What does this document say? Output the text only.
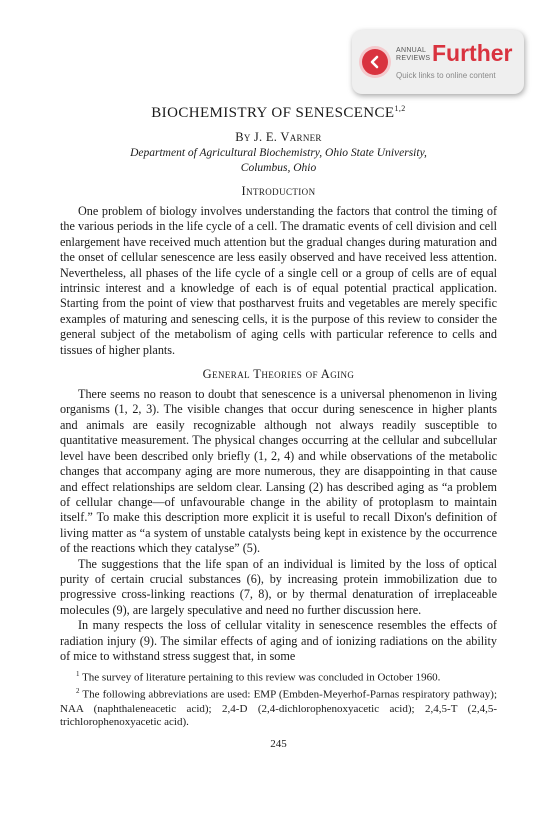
ANNUAL
REVIEWS Further
Quick links to online content
BIOCHEMISTRY OF SENESCENCE$^{1,2}$

By J. E. Varner

Department of Agricultural Biochemistry, Ohio State University,

Columbus, Ohio

Introduction

One problem of biology involves understanding the factors that control the timing of the various periods in the life cycle of a cell. The dramatic events of cell division and cell enlargement have received much attention but the gradual changes during maturation and the onset of cellular senescence are less easily observed and have received less attention. Nevertheless, all phases of the life cycle of a single cell or a group of cells are of equal intrinsic interest and a knowledge of each is of equal potential practical application. Starting from the point of view that postharvest fruits and vegetables are merely specific examples of maturing and senescing cells, it is the purpose of this review to consider the general subject of the metabolism of aging cells with particular reference to cells and tissues of higher plants.

General Theories of Aging

There seems no reason to doubt that senescence is a universal phenomenon in living organisms (1, 2, 3). The visible changes that occur during senescence in higher plants and animals are easily recognizable although not always readily susceptible to quantitative measurement. The physical changes occurring at the cellular and subcellular level have been described only briefly (1, 2, 4) and while observations of the metabolic changes that accompany aging are more numerous, they are disappointing in that cause and effect relationships are seldom clear. Lansing (2) has described aging as “a problem of cellular change—of unfavourable change in the ability of protoplasm to maintain itself.” To make this description more explicit it is useful to recall Dixon's definition of living matter as “a system of unstable catalysts being kept in existence by the occurrence of the reactions which they catalyse” (5).

The suggestions that the life span of an individual is limited by the loss of optical purity of certain crucial substances (6), by increasing protein immobilization due to progressive cross-linking reactions (7, 8), or by thermal denaturation of irreplaceable molecules (9), are largely speculative and need no further discussion here.

In many respects the loss of cellular vitality in senescence resembles the effects of radiation injury (9). The similar effects of aging and of ionizing radiations on the ability of mice to withstand stress suggest that, in some

$^1$ The survey of literature pertaining to this review was concluded in October 1960.

$^2$ The following abbreviations are used: EMP (Embden-Meyerhof-Parnas respiratory pathway); NAA (naphthaleneacetic acid); 2,4-D (2,4-dichlorophenoxyacetic acid); 2,4,5-T (2,4,5-trichlorophenoxyacetic acid).

245
